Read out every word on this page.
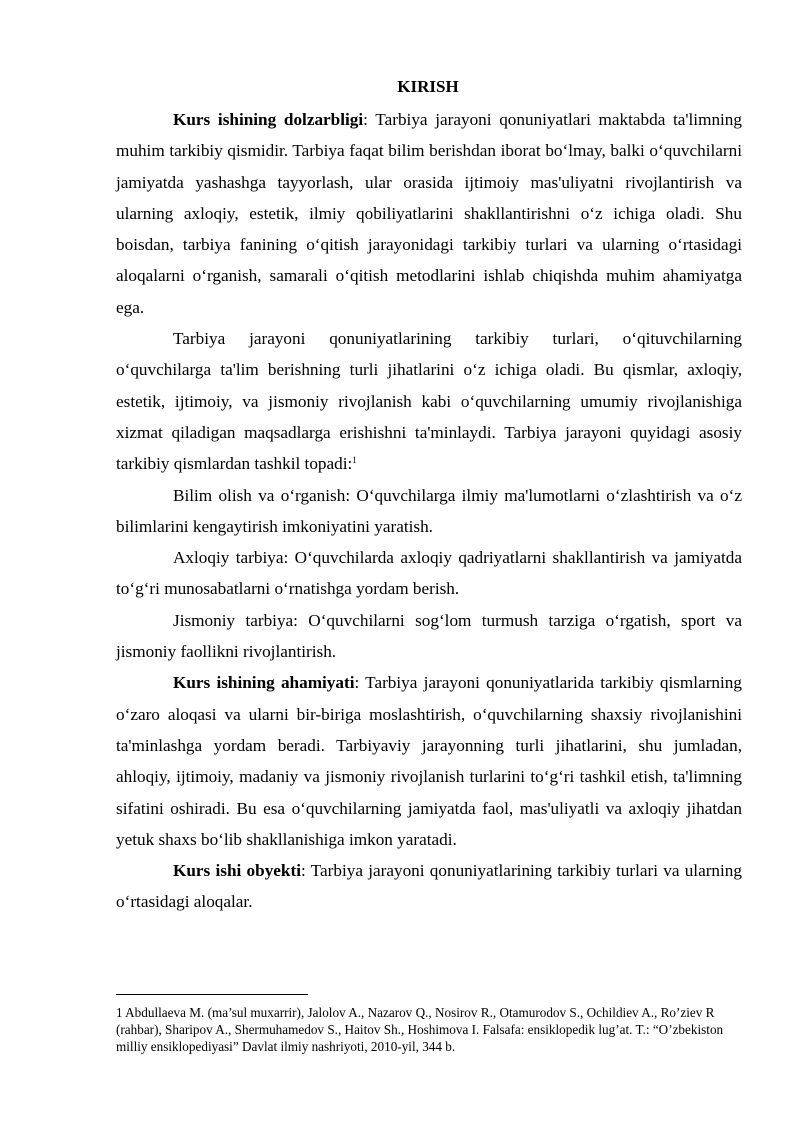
KIRISH

Kurs ishining dolzarbligi: Tarbiya jarayoni qonuniyatlari maktabda ta'limning muhim tarkibiy qismidir. Tarbiya faqat bilim berishdan iborat bo‘lmay, balki o‘quvchilarni jamiyatda yashashga tayyorlash, ular orasida ijtimoiy mas'uliyatni rivojlantirish va ularning axloqiy, estetik, ilmiy qobiliyatlarini shakllantirishni o‘z ichiga oladi. Shu boisdan, tarbiya fanining o‘qitish jarayonidagi tarkibiy turlari va ularning o‘rtasidagi aloqalarni o‘rganish, samarali o‘qitish metodlarini ishlab chiqishda muhim ahamiyatga ega.

Tarbiya jarayoni qonuniyatlarining tarkibiy turlari, o‘qituvchilarning o‘quvchilarga ta'lim berishning turli jihatlarini o‘z ichiga oladi. Bu qismlar, axloqiy, estetik, ijtimoiy, va jismoniy rivojlanish kabi o‘quvchilarning umumiy rivojlanishiga xizmat qiladigan maqsadlarga erishishni ta'minlaydi. Tarbiya jarayoni quyidagi asosiy tarkibiy qismlardan tashkil topadi:$^1$

Bilim olish va o‘rganish: O‘quvchilarga ilmiy ma'lumotlarni o‘zlashtirish va o‘z bilimlarini kengaytirish imkoniyatini yaratish.

Axloqiy tarbiya: O‘quvchilarda axloqiy qadriyatlarni shakllantirish va jamiyatda to‘g‘ri munosabatlarni o‘rnatishga yordam berish.

Jismoniy tarbiya: O‘quvchilarni sog‘lom turmush tarziga o‘rgatish, sport va jismoniy faollikni rivojlantirish.

Kurs ishining ahamiyati: Tarbiya jarayoni qonuniyatlarida tarkibiy qismlarning o‘zaro aloqasi va ularni bir-biriga moslashtirish, o‘quvchilarning shaxsiy rivojlanishini ta'minlashga yordam beradi. Tarbiyaviy jarayonning turli jihatlarini, shu jumladan, ahloqiy, ijtimoiy, madaniy va jismoniy rivojlanish turlarini to‘g‘ri tashkil etish, ta'limning sifatini oshiradi. Bu esa o‘quvchilarning jamiyatda faol, mas'uliyatli va axloqiy jihatdan yetuk shaxs bo‘lib shakllanishiga imkon yaratadi.

Kurs ishi obyekti: Tarbiya jarayoni qonuniyatlarining tarkibiy turlari va ularning o‘rtasidagi aloqalar.

1 Abdullaeva M. (ma’sul muxarrir), Jalolov A., Nazarov Q., Nosirov R., Otamurodov S., Ochildiev A., Ro’ziev R (rahbar), Sharipov A., Shermuhamedov S., Haitov Sh., Hoshimova I. Falsafa: ensiklopedik lug’at. T.: “O’zbekiston milliy ensiklopediyasi” Davlat ilmiy nashriyoti, 2010-yil, 344 b.
